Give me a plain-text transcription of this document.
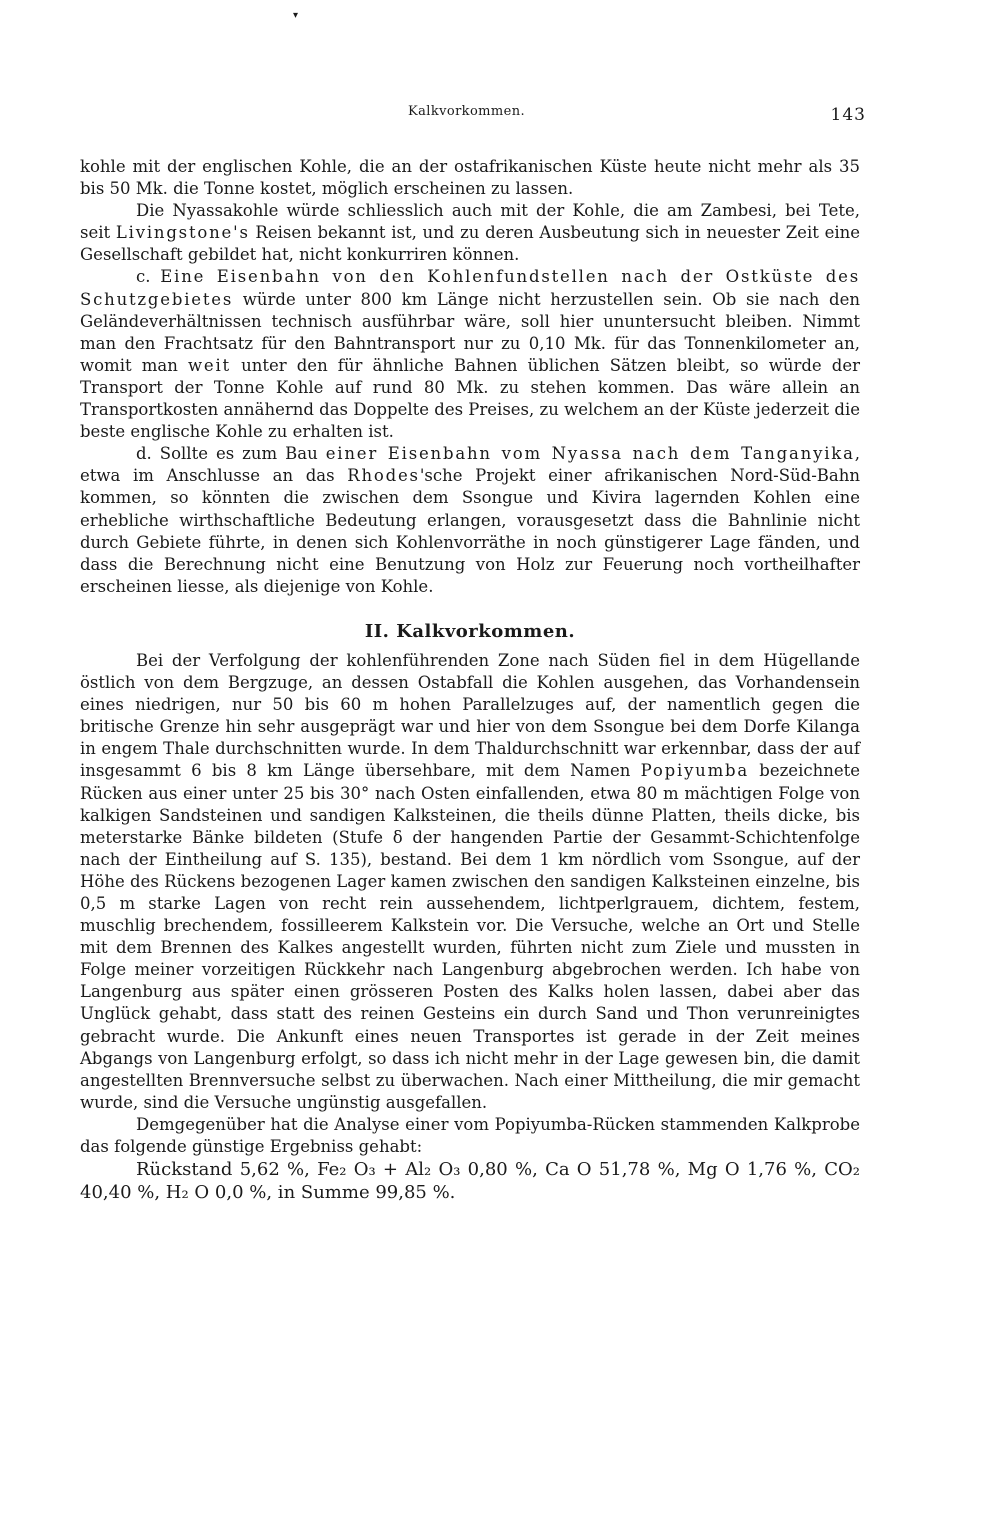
▾
Kalkvorkommen.	143

kohle mit der englischen Kohle, die an der ostafrikanischen Küste heute nicht mehr als 35 bis 50 Mk. die Tonne kostet, möglich erscheinen zu lassen.

Die Nyassakohle würde schliesslich auch mit der Kohle, die am Zambesi, bei Tete, seit Livingstone's Reisen bekannt ist, und zu deren Ausbeutung sich in neuester Zeit eine Gesellschaft gebildet hat, nicht konkurriren können.

c. Eine Eisenbahn von den Kohlenfundstellen nach der Ostküste des Schutzgebietes würde unter 800 km Länge nicht herzustellen sein. Ob sie nach den Geländeverhältnissen technisch ausführbar wäre, soll hier ununtersucht bleiben. Nimmt man den Frachtsatz für den Bahntransport nur zu 0,10 Mk. für das Tonnenkilometer an, womit man weit unter den für ähnliche Bahnen üblichen Sätzen bleibt, so würde der Transport der Tonne Kohle auf rund 80 Mk. zu stehen kommen. Das wäre allein an Transportkosten annähernd das Doppelte des Preises, zu welchem an der Küste jederzeit die beste englische Kohle zu erhalten ist.

d. Sollte es zum Bau einer Eisenbahn vom Nyassa nach dem Tanganyika, etwa im Anschlusse an das Rhodes'sche Projekt einer afrikanischen Nord-Süd-Bahn kommen, so könnten die zwischen dem Ssongue und Kivira lagernden Kohlen eine erhebliche wirthschaftliche Bedeutung erlangen, vorausgesetzt dass die Bahnlinie nicht durch Gebiete führte, in denen sich Kohlenvorräthe in noch günstigerer Lage fänden, und dass die Berechnung nicht eine Benutzung von Holz zur Feuerung noch vortheilhafter erscheinen liesse, als diejenige von Kohle.

II. Kalkvorkommen.

Bei der Verfolgung der kohlenführenden Zone nach Süden fiel in dem Hügellande östlich von dem Bergzuge, an dessen Ostabfall die Kohlen ausgehen, das Vorhandensein eines niedrigen, nur 50 bis 60 m hohen Parallelzuges auf, der namentlich gegen die britische Grenze hin sehr ausgeprägt war und hier von dem Ssongue bei dem Dorfe Kilanga in engem Thale durchschnitten wurde. In dem Thaldurchschnitt war erkennbar, dass der auf insgesammt 6 bis 8 km Länge übersehbare, mit dem Namen Popiyumba bezeichnete Rücken aus einer unter 25 bis 30° nach Osten einfallenden, etwa 80 m mächtigen Folge von kalkigen Sandsteinen und sandigen Kalksteinen, die theils dünne Platten, theils dicke, bis meterstarke Bänke bildeten (Stufe δ der hangenden Partie der Gesammt-Schichtenfolge nach der Eintheilung auf S. 135), bestand. Bei dem 1 km nördlich vom Ssongue, auf der Höhe des Rückens bezogenen Lager kamen zwischen den sandigen Kalksteinen einzelne, bis 0,5 m starke Lagen von recht rein aussehendem, lichtperlgrauem, dichtem, festem, muschlig brechendem, fossilleerem Kalkstein vor. Die Versuche, welche an Ort und Stelle mit dem Brennen des Kalkes angestellt wurden, führten nicht zum Ziele und mussten in Folge meiner vorzeitigen Rückkehr nach Langenburg abgebrochen werden. Ich habe von Langenburg aus später einen grösseren Posten des Kalks holen lassen, dabei aber das Unglück gehabt, dass statt des reinen Gesteins ein durch Sand und Thon verunreinigtes gebracht wurde. Die Ankunft eines neuen Transportes ist gerade in der Zeit meines Abgangs von Langenburg erfolgt, so dass ich nicht mehr in der Lage gewesen bin, die damit angestellten Brennversuche selbst zu überwachen. Nach einer Mittheilung, die mir gemacht wurde, sind die Versuche ungünstig ausgefallen.

Demgegenüber hat die Analyse einer vom Popiyumba-Rücken stammenden Kalkprobe das folgende günstige Ergebniss gehabt:

Rückstand 5,62 %, Fe₂ O₃ + Al₂ O₃ 0,80 %, Ca O 51,78 %, Mg O 1,76 %, CO₂ 40,40 %, H₂ O 0,0 %, in Summe 99,85 %.
